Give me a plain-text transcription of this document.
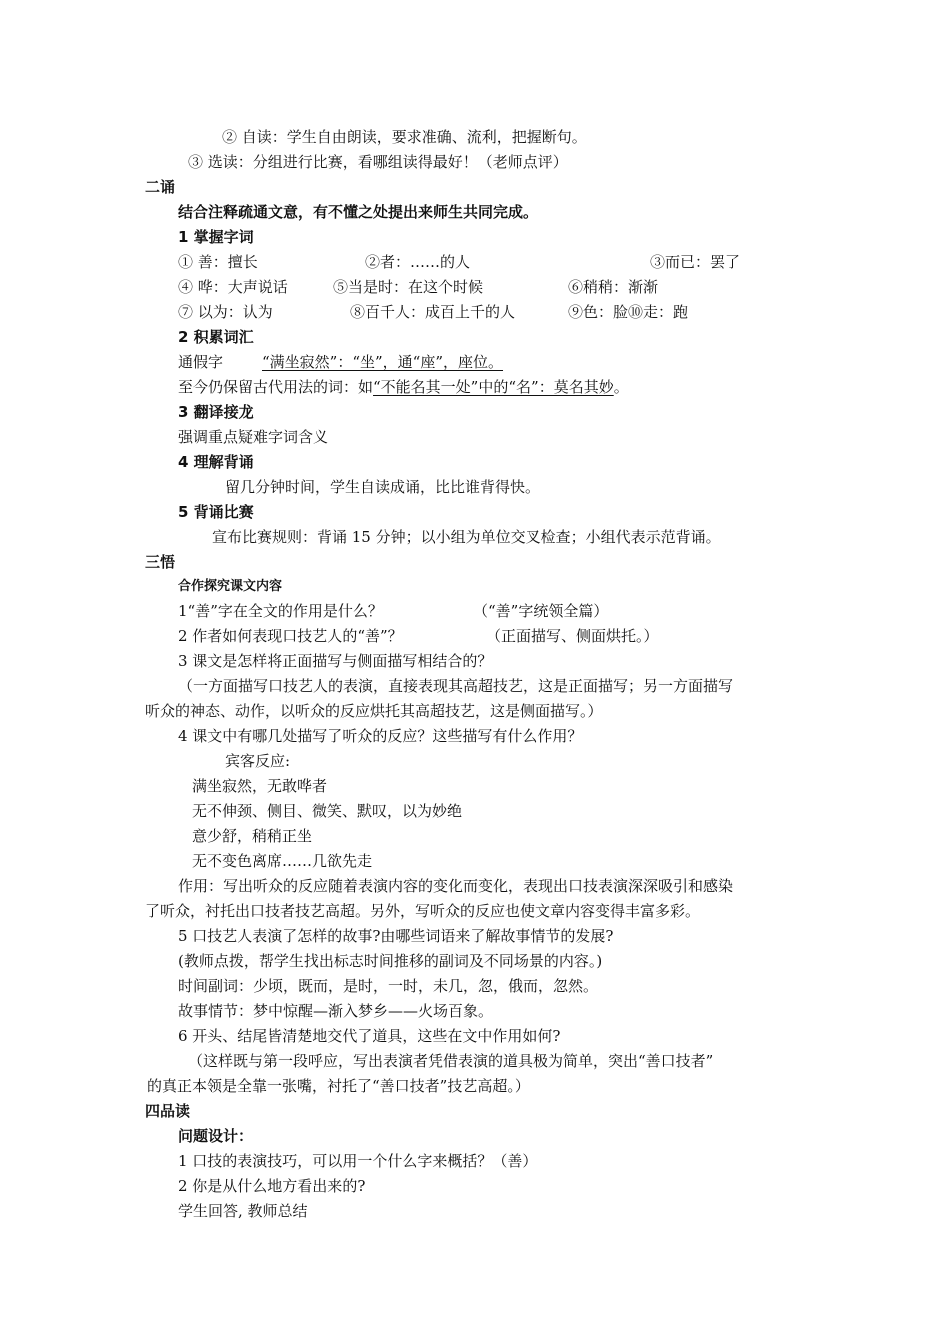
② 自读：学生自由朗读，要求准确、流利，把握断句。
③ 选读：分组进行比赛，看哪组读得最好！（老师点评）
二诵
结合注释疏通文意，有不懂之处提出来师生共同完成。
1 掌握字词
① 善：擅长	②者：……的人	③而已：罢了
④ 哗：大声说话	⑤当是时：在这个时候	⑥稍稍：渐渐
⑦ 以为：认为	⑧百千人：成百上千的人	⑨色：脸⑩走：跑
2 积累词汇
通假字	“满坐寂然”：“坐”，通“座”，座位。
至今仍保留古代用法的词：如“不能名其一处”中的“名”：莫名其妙。
3 翻译接龙
强调重点疑难字词含义
4 理解背诵
留几分钟时间，学生自读成诵，比比谁背得快。
5 背诵比赛
宣布比赛规则：背诵 15 分钟；以小组为单位交叉检查；小组代表示范背诵。
三悟
合作探究课文内容
1“善”字在全文的作用是什么？	（“善”字统领全篇）
2 作者如何表现口技艺人的“善”？	（正面描写、侧面烘托。）
3 课文是怎样将正面描写与侧面描写相结合的？
（一方面描写口技艺人的表演，直接表现其高超技艺，这是正面描写；另一方面描写
听众的神态、动作，以听众的反应烘托其高超技艺，这是侧面描写。）
4 课文中有哪几处描写了听众的反应？这些描写有什么作用？
宾客反应:
满坐寂然，无敢哗者
无不伸颈、侧目、微笑、默叹，以为妙绝
意少舒，稍稍正坐
无不变色离席……几欲先走
作用：写出听众的反应随着表演内容的变化而变化，表现出口技表演深深吸引和感染
了听众，衬托出口技者技艺高超。另外，写听众的反应也使文章内容变得丰富多彩。
5 口技艺人表演了怎样的故事?由哪些词语来了解故事情节的发展?
(教师点拨，帮学生找出标志时间推移的副词及不同场景的内容。)
时间副词：少顷，既而，是时，一时，未几，忽，俄而，忽然。
故事情节：梦中惊醒—渐入梦乡——火场百象。
6 开头、结尾皆清楚地交代了道具，这些在文中作用如何?
（这样既与第一段呼应，写出表演者凭借表演的道具极为简单，突出“善口技者”
的真正本领是全靠一张嘴，衬托了“善口技者”技艺高超。）
四品读
问题设计：
1 口技的表演技巧，可以用一个什么字来概括？（善）
2 你是从什么地方看出来的?
学生回答, 教师总结
